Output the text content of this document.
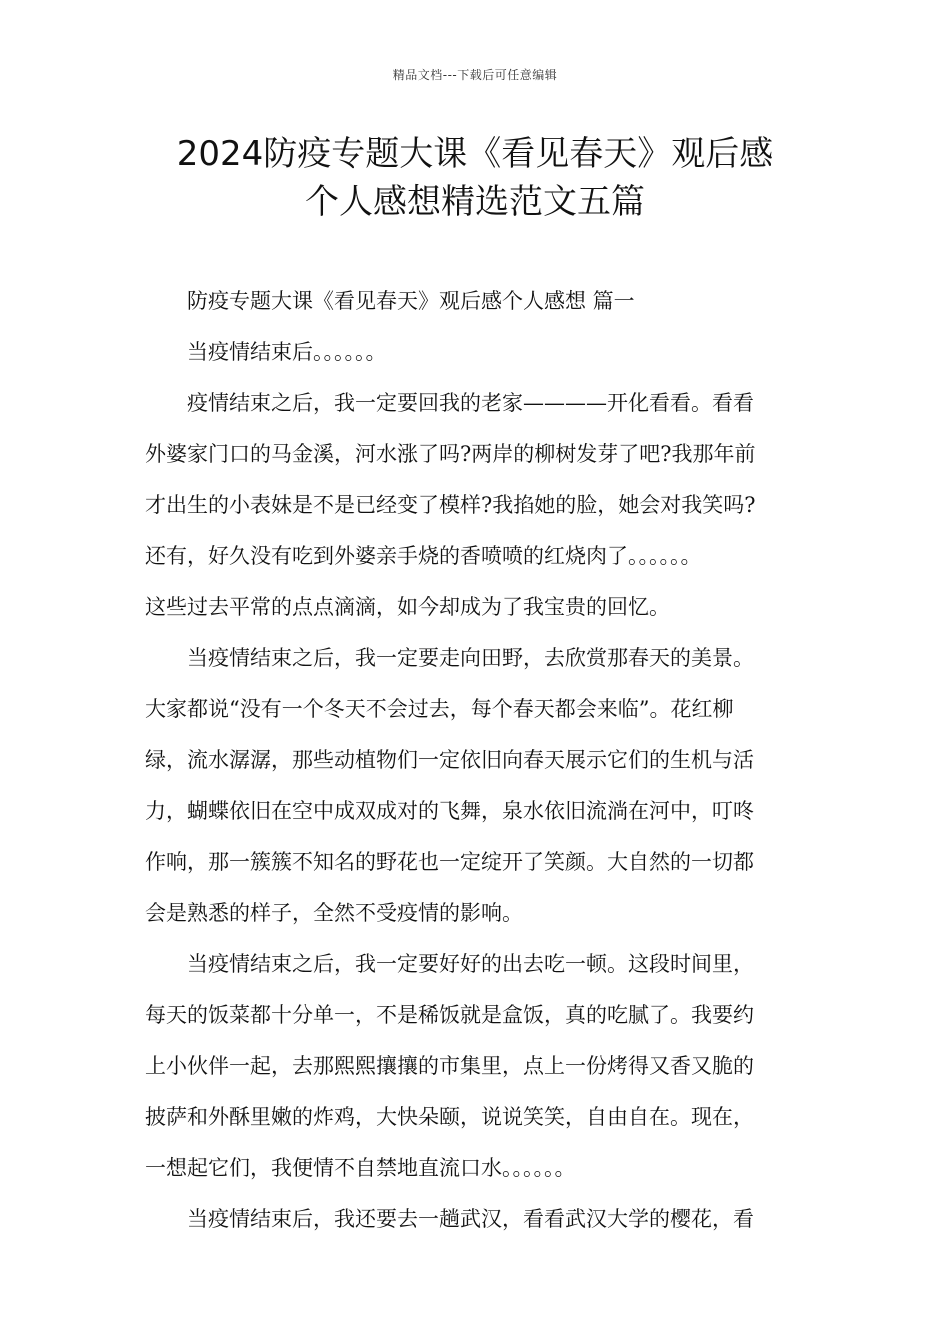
精品文档---下载后可任意编辑
2024防疫专题大课《看见春天》观后感
个人感想精选范文五篇

防疫专题大课《看见春天》观后感个人感想 篇一

当疫情结束后。。。。。。

疫情结束之后，我一定要回我的老家————开化看看。看看
外婆家门口的马金溪，河水涨了吗?两岸的柳树发芽了吧?我那年前
才出生的小表妹是不是已经变了模样?我掐她的脸，她会对我笑吗?
还有，好久没有吃到外婆亲手烧的香喷喷的红烧肉了。。。。。。
这些过去平常的点点滴滴，如今却成为了我宝贵的回忆。

当疫情结束之后，我一定要走向田野，去欣赏那春天的美景。
大家都说“没有一个冬天不会过去，每个春天都会来临”。花红柳
绿，流水潺潺，那些动植物们一定依旧向春天展示它们的生机与活
力，蝴蝶依旧在空中成双成对的飞舞，泉水依旧流淌在河中，叮咚
作响，那一簇簇不知名的野花也一定绽开了笑颜。大自然的一切都
会是熟悉的样子，全然不受疫情的影响。

当疫情结束之后，我一定要好好的出去吃一顿。这段时间里，
每天的饭菜都十分单一，不是稀饭就是盒饭，真的吃腻了。我要约
上小伙伴一起，去那熙熙攘攘的市集里，点上一份烤得又香又脆的
披萨和外酥里嫩的炸鸡，大快朵颐，说说笑笑，自由自在。现在，
一想起它们，我便情不自禁地直流口水。。。。。。

当疫情结束后，我还要去一趟武汉，看看武汉大学的樱花，看
